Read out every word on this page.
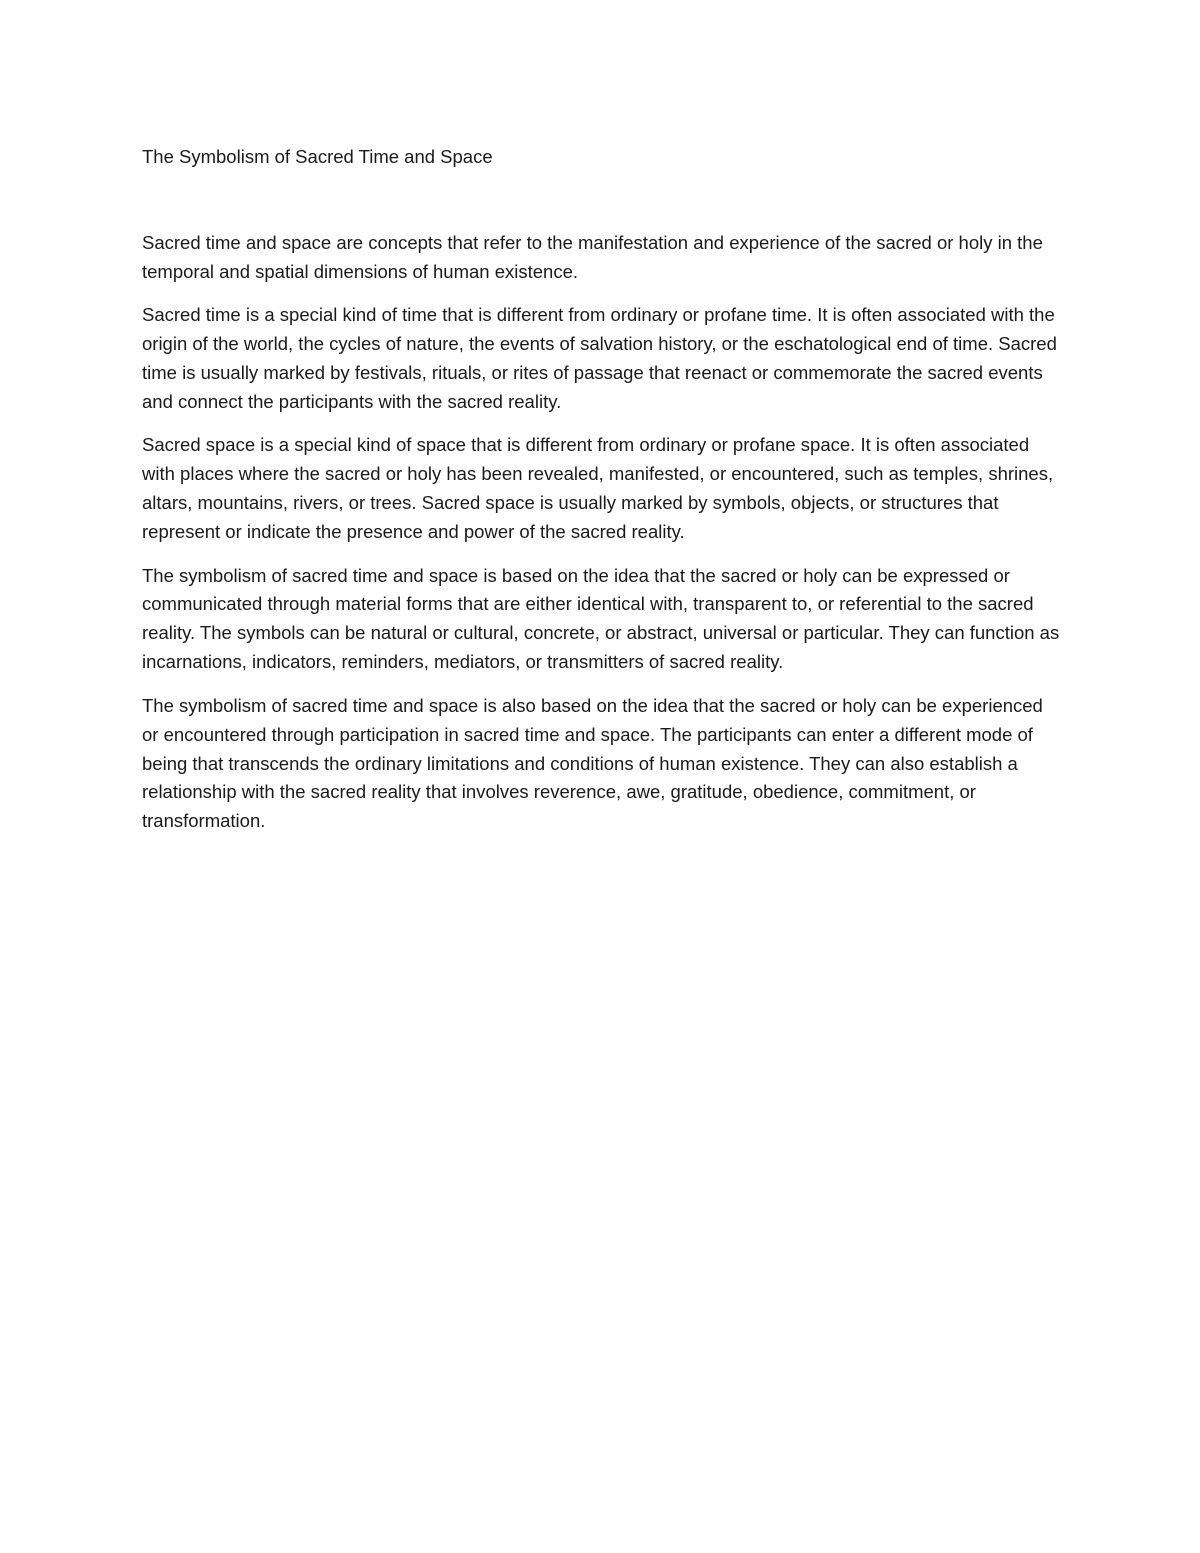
The Symbolism of Sacred Time and Space

Sacred time and space are concepts that refer to the manifestation and experience of the sacred or holy in the temporal and spatial dimensions of human existence.

Sacred time is a special kind of time that is different from ordinary or profane time. It is often associated with the origin of the world, the cycles of nature, the events of salvation history, or the eschatological end of time. Sacred time is usually marked by festivals, rituals, or rites of passage that reenact or commemorate the sacred events and connect the participants with the sacred reality.

Sacred space is a special kind of space that is different from ordinary or profane space. It is often associated with places where the sacred or holy has been revealed, manifested, or encountered, such as temples, shrines, altars, mountains, rivers, or trees. Sacred space is usually marked by symbols, objects, or structures that represent or indicate the presence and power of the sacred reality.

The symbolism of sacred time and space is based on the idea that the sacred or holy can be expressed or communicated through material forms that are either identical with, transparent to, or referential to the sacred reality. The symbols can be natural or cultural, concrete, or abstract, universal or particular. They can function as incarnations, indicators, reminders, mediators, or transmitters of sacred reality.

The symbolism of sacred time and space is also based on the idea that the sacred or holy can be experienced or encountered through participation in sacred time and space. The participants can enter a different mode of being that transcends the ordinary limitations and conditions of human existence. They can also establish a relationship with the sacred reality that involves reverence, awe, gratitude, obedience, commitment, or transformation.
